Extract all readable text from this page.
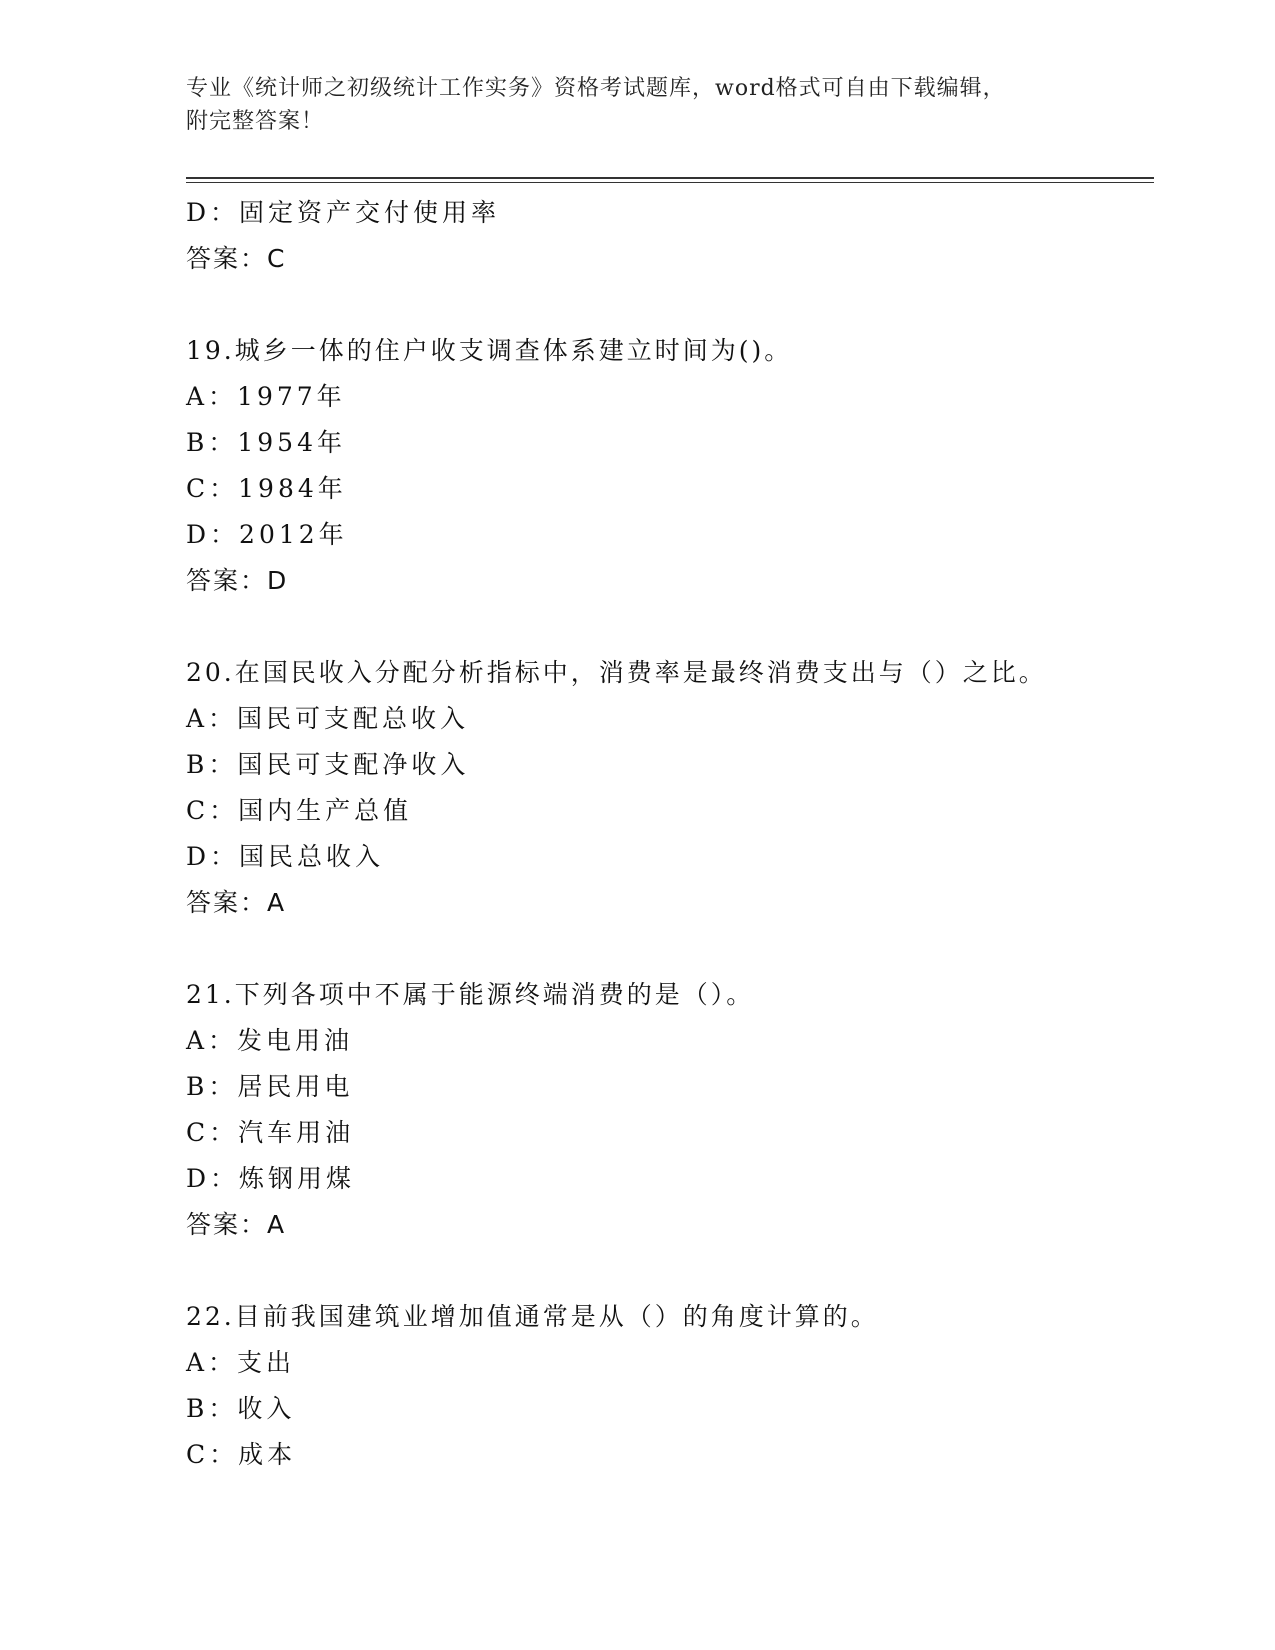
专业《统计师之初级统计工作实务》资格考试题库，word格式可自由下载编辑，
附完整答案！
D：固定资产交付使用率
答案：C
19.城乡一体的住户收支调查体系建立时间为()。
A：1977年
B：1954年
C：1984年
D：2012年
答案：D
20.在国民收入分配分析指标中，消费率是最终消费支出与（）之比。
A：国民可支配总收入
B：国民可支配净收入
C：国内生产总值
D：国民总收入
答案：A
21.下列各项中不属于能源终端消费的是（）。
A：发电用油
B：居民用电
C：汽车用油
D：炼钢用煤
答案：A
22.目前我国建筑业增加值通常是从（）的角度计算的。
A：支出
B：收入
C：成本
